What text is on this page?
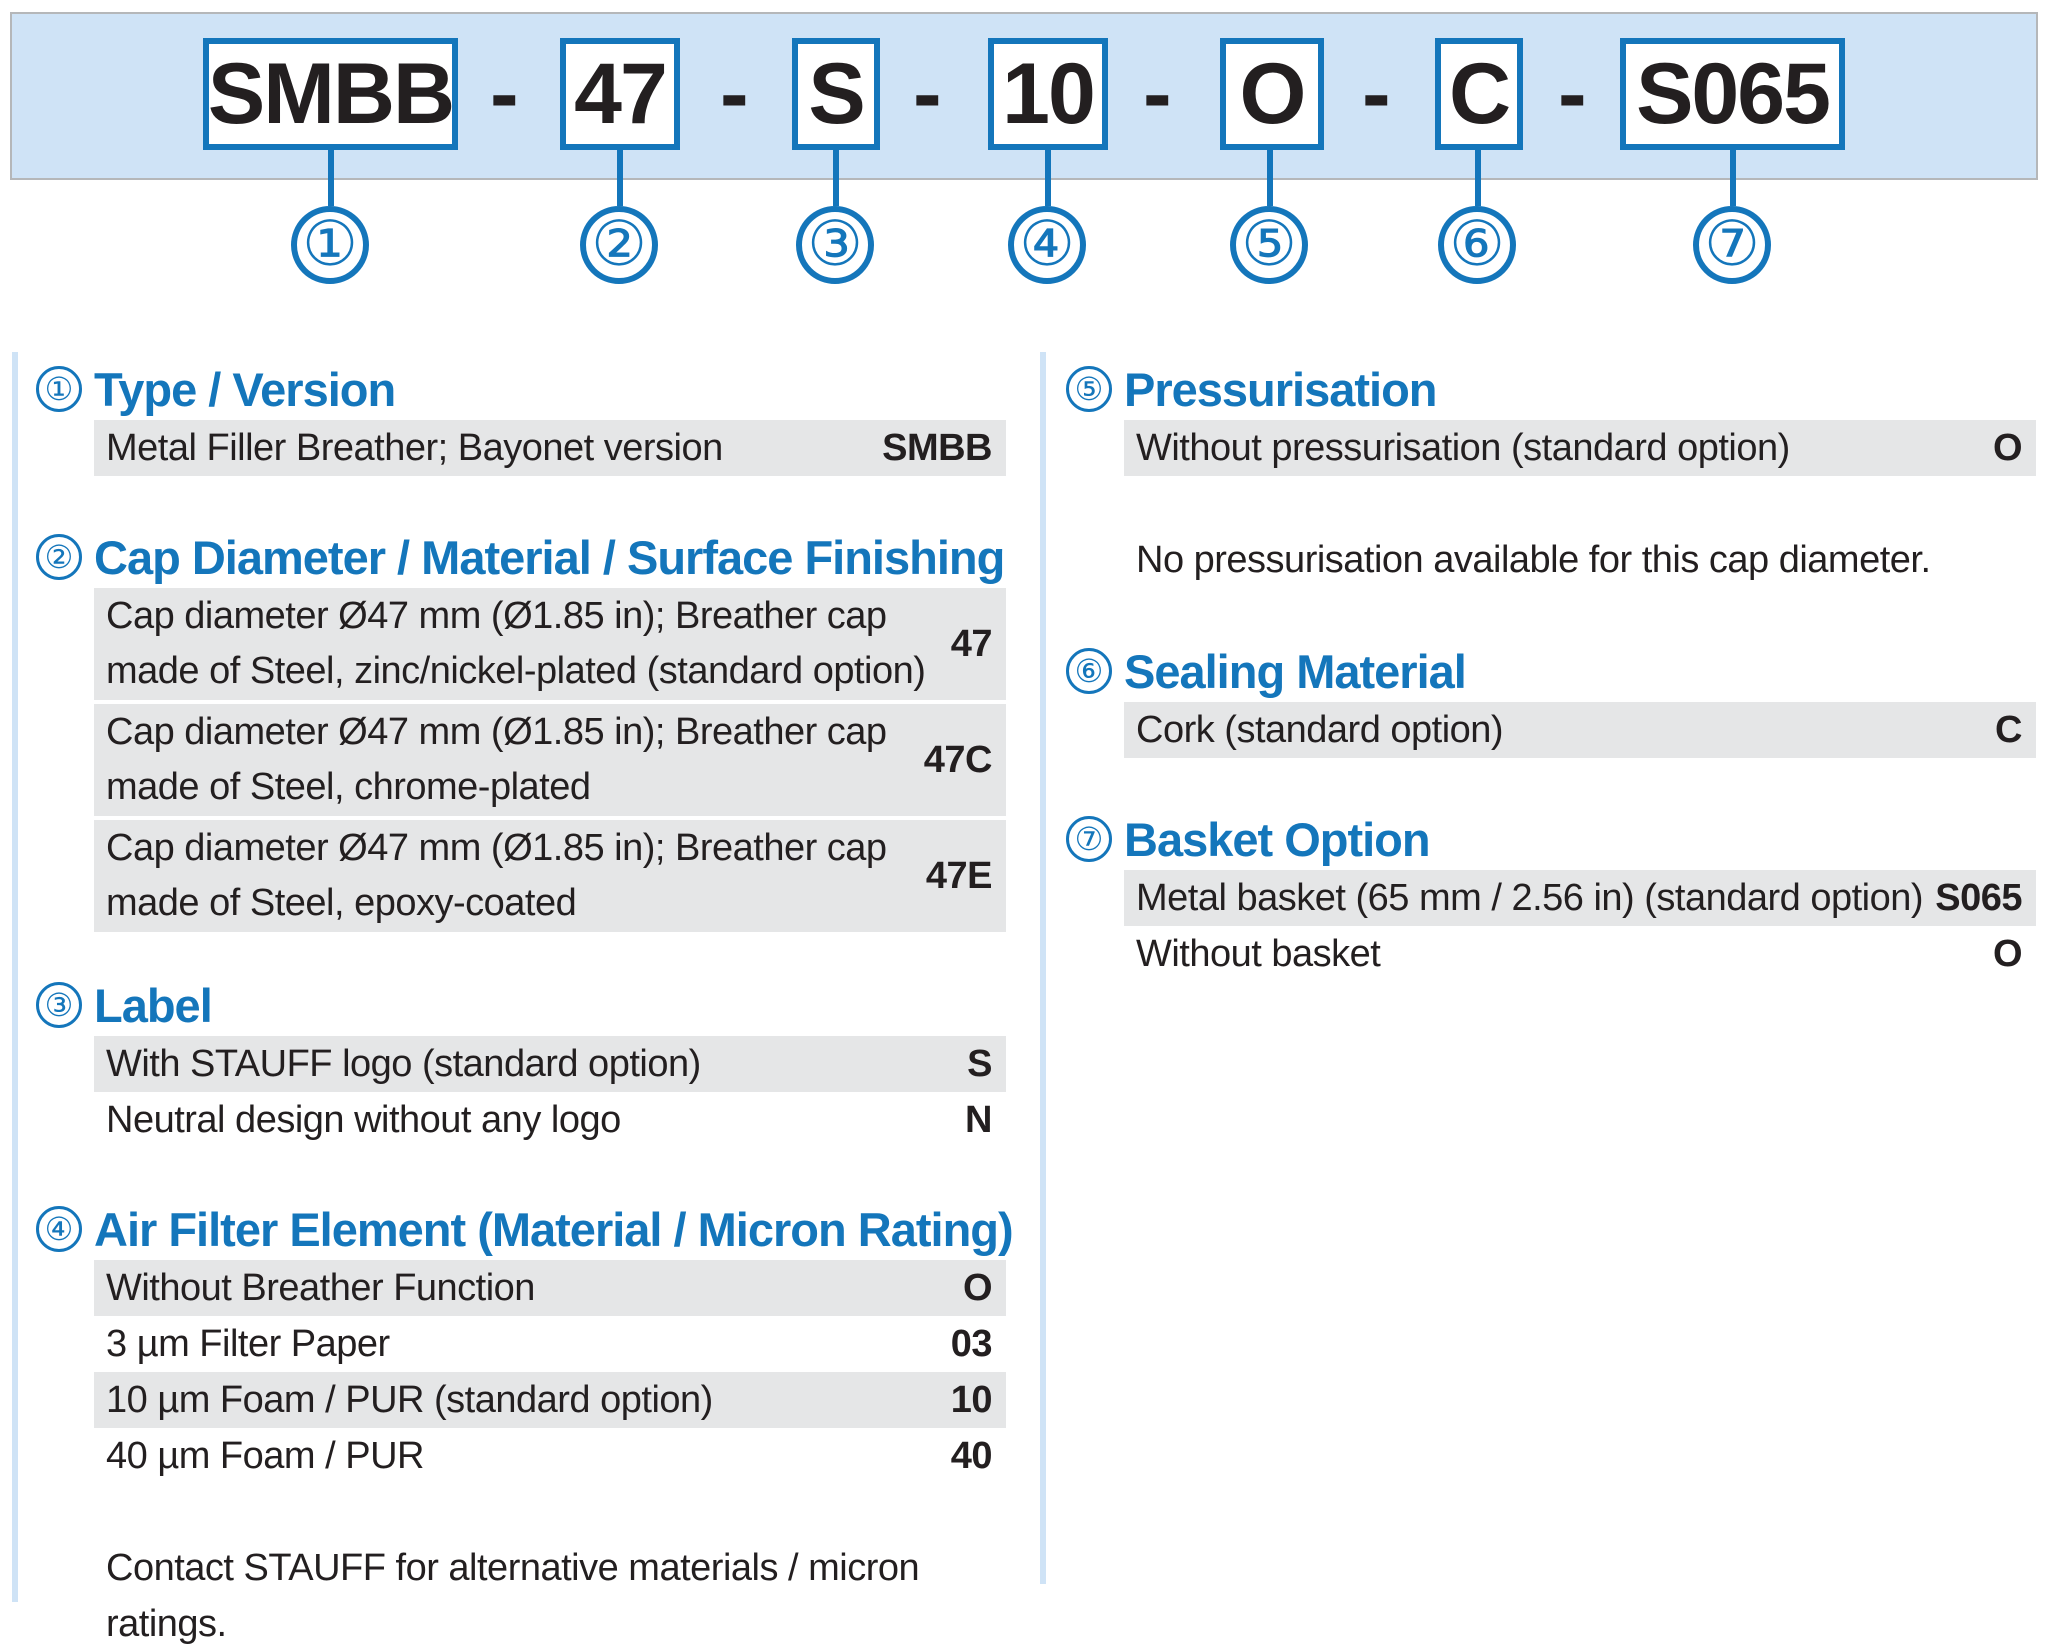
SMBB - 47 - S - 10 - O - C - S065
①	②	③	④	⑤ ⑥	⑦
① Type / Version
Metal Filler Breather; Bayonet version	SMBB
② Cap Diameter / Material / Surface Finishing
Cap diameter Ø47 mm (Ø1.85 in); Breather cap
made of Steel, zinc/nickel-plated (standard option)
47
Cap diameter Ø47 mm (Ø1.85 in); Breather cap
made of Steel, chrome-plated
47C
Cap diameter Ø47 mm (Ø1.85 in); Breather cap
made of Steel, epoxy-coated
47E
③ Label
With STAUFF logo (standard option)	S
Neutral design without any logo	N
④ Air Filter Element (Material / Micron Rating)
Without Breather Function	O
3 µm Filter Paper	03
10 µm Foam / PUR (standard option)	10
40 µm Foam / PUR	40
Contact STAUFF for alternative materials / micron ratings.
⑤ Pressurisation
Without pressurisation (standard option)	O
No pressurisation available for this cap diameter.
⑥ Sealing Material
Cork (standard option)	C
⑦ Basket Option
Metal basket (65 mm / 2.56 in) (standard option) S065
Without basket	O
